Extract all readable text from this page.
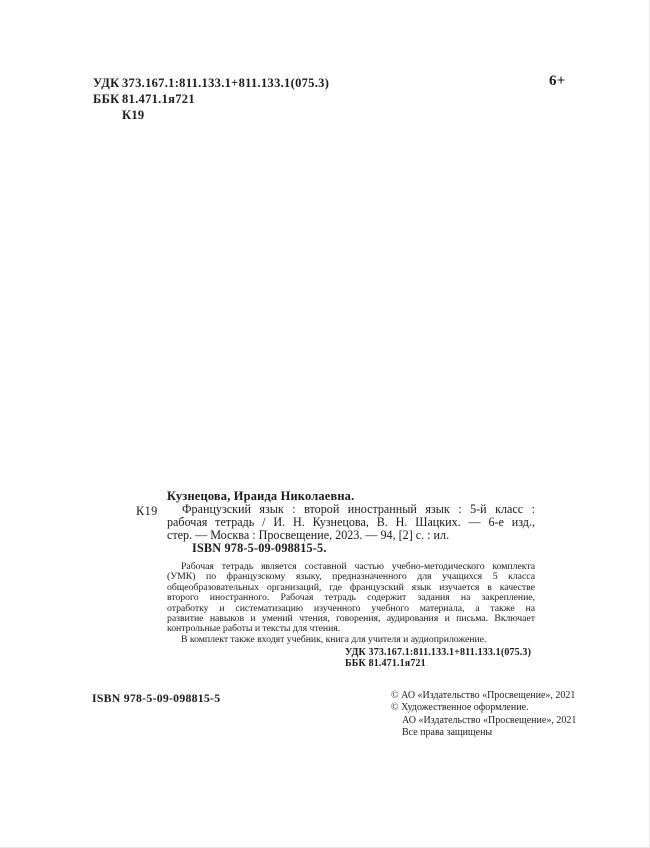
УДК 373.167.1:811.133.1+811.133.1(075.3)
ББК 81.471.1я721
К19
6+
К19
Кузнецова, Ираида Николаевна.
Французский язык : второй иностранный язык : 5-й класс :
рабочая тетрадь / И. Н. Кузнецова, В. Н. Шацких. — 6-е изд.,
стер. — Москва : Просвещение, 2023. — 94, [2] с. : ил.
ISBN 978-5-09-098815-5.
Рабочая тетрадь является составной частью учебно-методического комплекта
(УМК) по французскому языку, предназначенного для учащихся 5 класса
общеобразовательных организаций, где французский язык изучается в качестве
второго иностранного. Рабочая тетрадь содержит задания на закрепление,
отработку и систематизацию изученного учебного материала, а также на
развитие навыков и умений чтения, говорения, аудирования и письма. Включает
контрольные работы и тексты для чтения.
В комплект также входят учебник, книга для учителя и аудиоприложение.
УДК 373.167.1:811.133.1+811.133.1(075.3)
ББК 81.471.1я721
ISBN 978-5-09-098815-5	© АО «Издательство «Просвещение», 2021
© Художественное оформление.
АО «Издательство «Просвещение», 2021
Все права защищены
